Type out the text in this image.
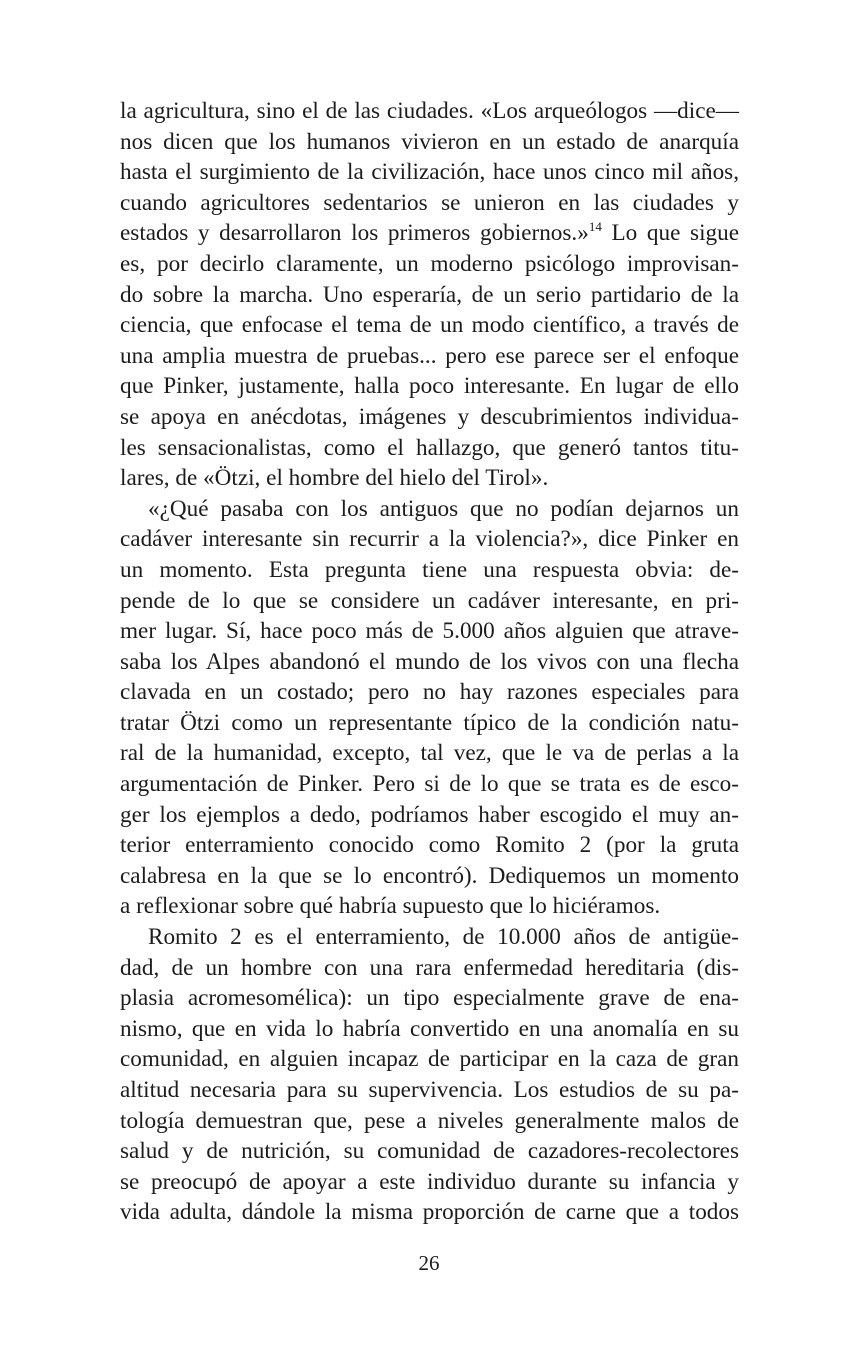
la agricultura, sino el de las ciudades. «Los arqueólogos —dice—
nos dicen que los humanos vivieron en un estado de anarquía
hasta el surgimiento de la civilización, hace unos cinco mil años,
cuando agricultores sedentarios se unieron en las ciudades y
estados y desarrollaron los primeros gobiernos.»$^{14}$ Lo que sigue
es, por decirlo claramente, un moderno psicólogo improvisan-
do sobre la marcha. Uno esperaría, de un serio partidario de la
ciencia, que enfocase el tema de un modo científico, a través de
una amplia muestra de pruebas... pero ese parece ser el enfoque
que Pinker, justamente, halla poco interesante. En lugar de ello
se apoya en anécdotas, imágenes y descubrimientos individua-
les sensacionalistas, como el hallazgo, que generó tantos titu-
lares, de «Ötzi, el hombre del hielo del Tirol».
«¿Qué pasaba con los antiguos que no podían dejarnos un
cadáver interesante sin recurrir a la violencia?», dice Pinker en
un momento. Esta pregunta tiene una respuesta obvia: de-
pende de lo que se considere un cadáver interesante, en pri-
mer lugar. Sí, hace poco más de 5.000 años alguien que atrave-
saba los Alpes abandonó el mundo de los vivos con una flecha
clavada en un costado; pero no hay razones especiales para
tratar Ötzi como un representante típico de la condición natu-
ral de la humanidad, excepto, tal vez, que le va de perlas a la
argumentación de Pinker. Pero si de lo que se trata es de esco-
ger los ejemplos a dedo, podríamos haber escogido el muy an-
terior enterramiento conocido como Romito 2 (por la gruta
calabresa en la que se lo encontró). Dediquemos un momento
a reflexionar sobre qué habría supuesto que lo hiciéramos.
Romito 2 es el enterramiento, de 10.000 años de antigüe-
dad, de un hombre con una rara enfermedad hereditaria (dis-
plasia acromesomélica): un tipo especialmente grave de ena-
nismo, que en vida lo habría convertido en una anomalía en su
comunidad, en alguien incapaz de participar en la caza de gran
altitud necesaria para su supervivencia. Los estudios de su pa-
tología demuestran que, pese a niveles generalmente malos de
salud y de nutrición, su comunidad de cazadores-recolectores
se preocupó de apoyar a este individuo durante su infancia y
vida adulta, dándole la misma proporción de carne que a todos
26
